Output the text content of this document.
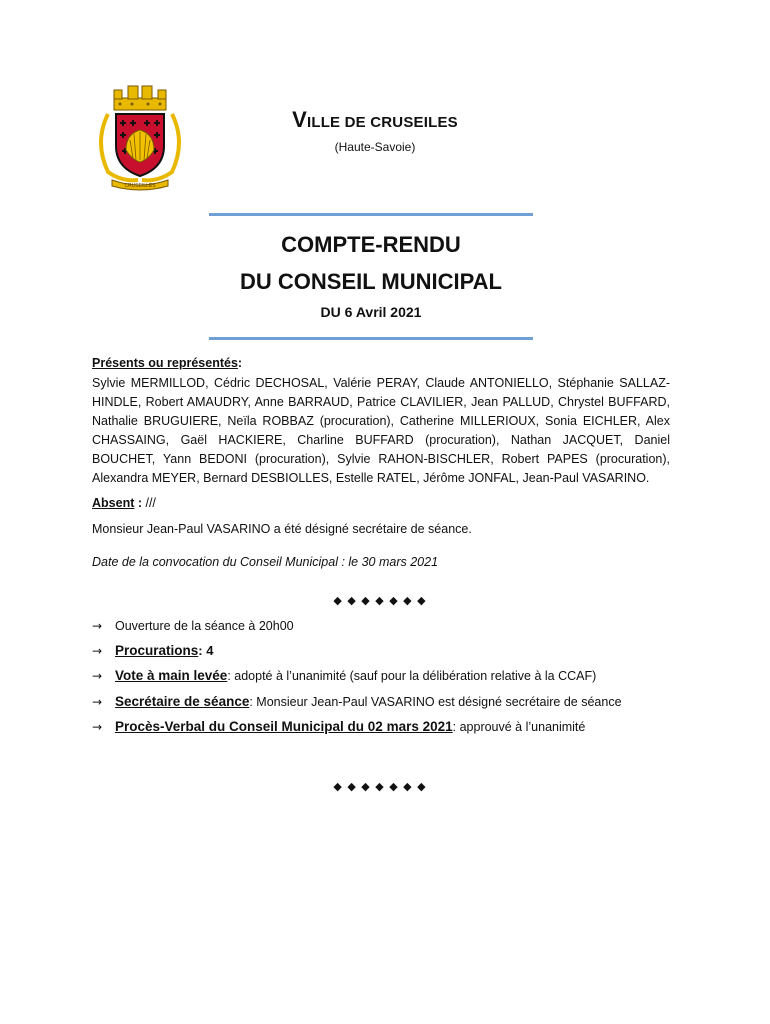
CRUSEILLES
VILLE DE CRUSEILES
(Haute-Savoie)
COMPTE-RENDU
DU CONSEIL MUNICIPAL
DU 6 Avril 2021
Présents ou représentés:
Sylvie MERMILLOD, Cédric DECHOSAL, Valérie PERAY, Claude ANTONIELLO, Stéphanie SALLAZ-HINDLE, Robert AMAUDRY, Anne BARRAUD, Patrice CLAVILIER, Jean PALLUD, Chrystel BUFFARD, Nathalie BRUGUIERE, Neïla ROBBAZ (procuration), Catherine MILLERIOUX, Sonia EICHLER, Alex CHASSAING, Gaël HACKIERE, Charline BUFFARD (procuration), Nathan JACQUET, Daniel BOUCHET, Yann BEDONI (procuration), Sylvie RAHON-BISCHLER, Robert PAPES (procuration), Alexandra MEYER, Bernard DESBIOLLES, Estelle RATEL, Jérôme JONFAL, Jean-Paul VASARINO.
Absent : ///
Monsieur Jean-Paul VASARINO a été désigné secrétaire de séance.
Date de la convocation du Conseil Municipal : le 30 mars 2021
◆ ◆ ◆ ◆ ◆ ◆ ◆
→	Ouverture de la séance à 20h00
→ Procurations : 4
→ Vote à main levée : adopté à l’unanimité (sauf pour la délibération relative à la CCAF)
→ Secrétaire de séance : Monsieur Jean-Paul VASARINO est désigné secrétaire de séance
→ Procès-Verbal du Conseil Municipal du 02 mars 2021 : approuvé à l’unanimité
◆ ◆ ◆ ◆ ◆ ◆ ◆
